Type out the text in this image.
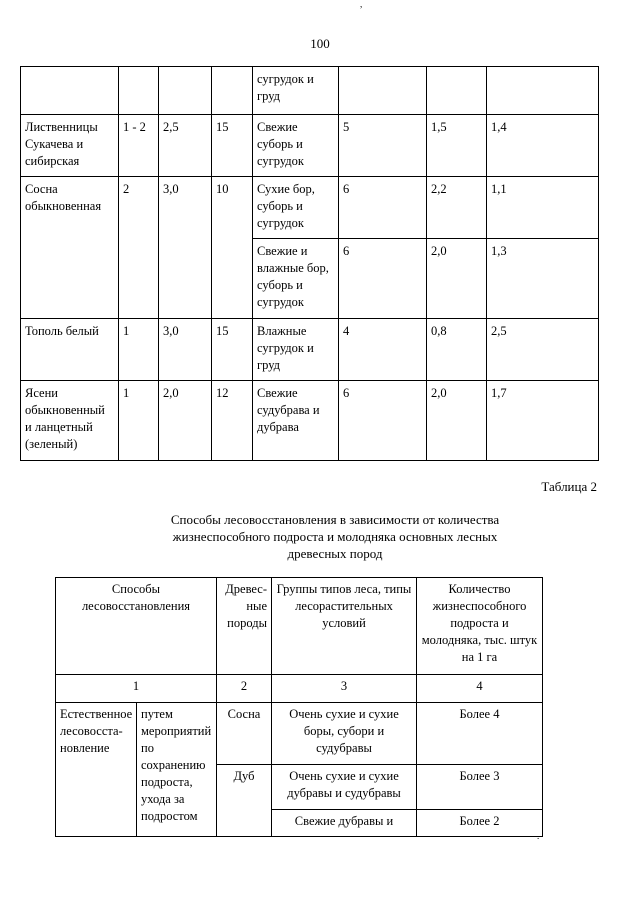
,
100
				сугрудок и груд			
Лиственницы Сукачева и сибирская	1 - 2	2,5	15	Свежие суборь и сугрудок	5	1,5	1,4
Сосна обыкновенная	2	3,0	10	Сухие бор, суборь и сугрудок	6	2,2	1,1
				Свежие и влажные бор, суборь и сугрудок	6	2,0	1,3
Тополь белый	1	3,0	15	Влажные сугрудок и груд	4	0,8	2,5
Ясени обыкновенный и ланцетный (зеленый)	1	2,0	12	Свежие судубрава и дубрава	6	2,0	1,7
Таблица 2
Способы лесовосстановления в зависимости от количества жизнеспособного подроста и молодняка основных лесных древесных пород
Способы лесовосстановления		Древес-ные породы	Группы типов леса, типы лесорастительных условий	Количество жизнеспособного подроста и молодняка, тыс. штук на 1 га
1		2	3	4
Естественное лесовосста-новление	путем мероприятий по сохранению подроста, ухода за подростом	Сосна	Очень сухие и сухие боры, субори и судубравы	Более 4
		Дуб	Очень сухие и сухие дубравы и судубравы	Более 3
			Свежие дубравы и	Более 2
.
